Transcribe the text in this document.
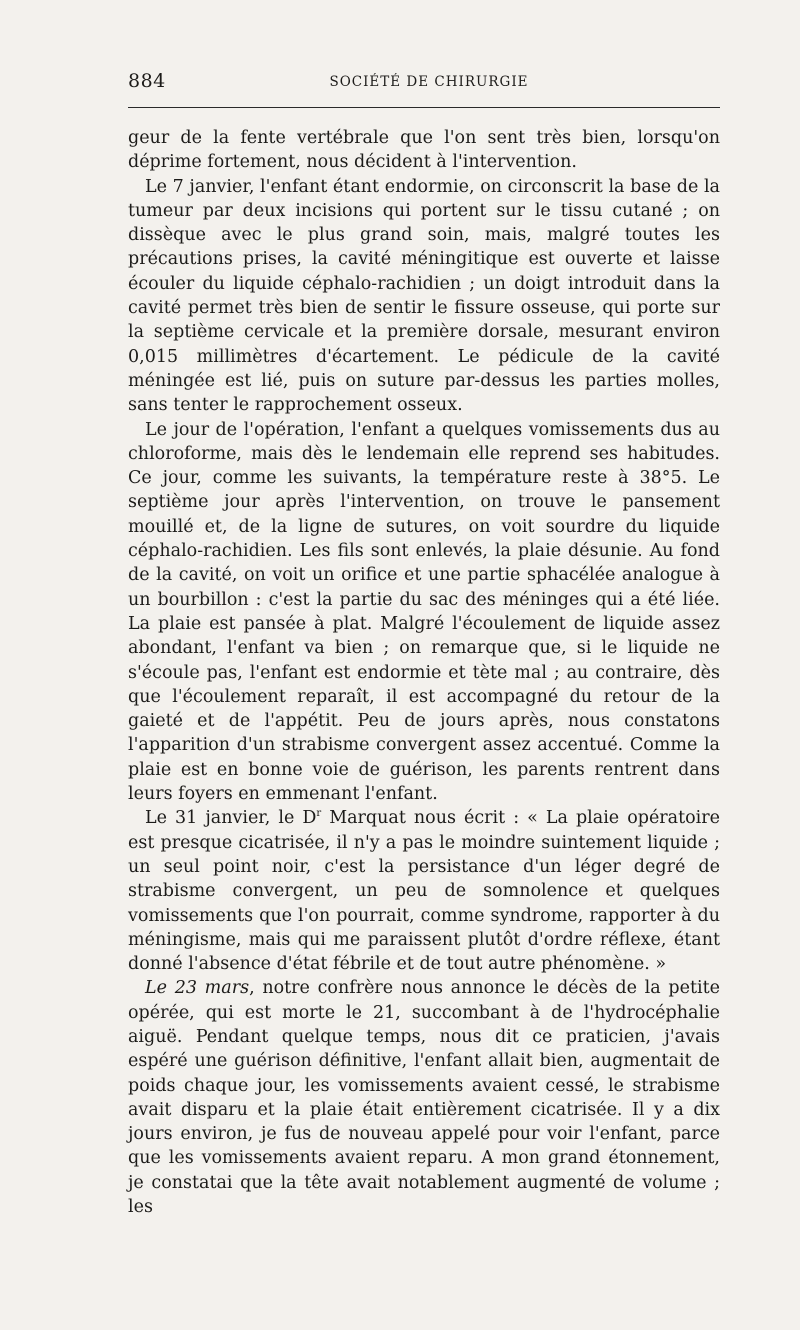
884	SOCIÉTÉ DE CHIRURGIE

geur de la fente vertébrale que l'on sent très bien, lorsqu'on déprime fortement, nous décident à l'intervention.

Le 7 janvier, l'enfant étant endormie, on circonscrit la base de la tumeur par deux incisions qui portent sur le tissu cutané ; on dissèque avec le plus grand soin, mais, malgré toutes les précautions prises, la cavité méningitique est ouverte et laisse écouler du liquide céphalo-rachidien ; un doigt introduit dans la cavité permet très bien de sentir le fissure osseuse, qui porte sur la septième cervicale et la première dorsale, mesurant environ 0,015 millimètres d'écartement. Le pédicule de la cavité méningée est lié, puis on suture par-dessus les parties molles, sans tenter le rapprochement osseux.

Le jour de l'opération, l'enfant a quelques vomissements dus au chloroforme, mais dès le lendemain elle reprend ses habitudes. Ce jour, comme les suivants, la température reste à 38°5. Le septième jour après l'intervention, on trouve le pansement mouillé et, de la ligne de sutures, on voit sourdre du liquide céphalo-rachidien. Les fils sont enlevés, la plaie désunie. Au fond de la cavité, on voit un orifice et une partie sphacélée analogue à un bourbillon : c'est la partie du sac des méninges qui a été liée. La plaie est pansée à plat. Malgré l'écoulement de liquide assez abondant, l'enfant va bien ; on remarque que, si le liquide ne s'écoule pas, l'enfant est endormie et tète mal ; au contraire, dès que l'écoulement reparaît, il est accompagné du retour de la gaieté et de l'appétit. Peu de jours après, nous constatons l'apparition d'un strabisme convergent assez accentué. Comme la plaie est en bonne voie de guérison, les parents rentrent dans leurs foyers en emmenant l'enfant.

Le 31 janvier, le $D^r$ Marquat nous écrit : « La plaie opératoire est presque cicatrisée, il n'y a pas le moindre suintement liquide ; un seul point noir, c'est la persistance d'un léger degré de strabisme convergent, un peu de somnolence et quelques vomissements que l'on pourrait, comme syndrome, rapporter à du méningisme, mais qui me paraissent plutôt d'ordre réflexe, étant donné l'absence d'état fébrile et de tout autre phénomène. »

Le 23 mars, notre confrère nous annonce le décès de la petite opérée, qui est morte le 21, succombant à de l'hydrocéphalie aiguë. Pendant quelque temps, nous dit ce praticien, j'avais espéré une guérison définitive, l'enfant allait bien, augmentait de poids chaque jour, les vomissements avaient cessé, le strabisme avait disparu et la plaie était entièrement cicatrisée. Il y a dix jours environ, je fus de nouveau appelé pour voir l'enfant, parce que les vomissements avaient reparu. A mon grand étonnement, je constatai que la tête avait notablement augmenté de volume ; les
